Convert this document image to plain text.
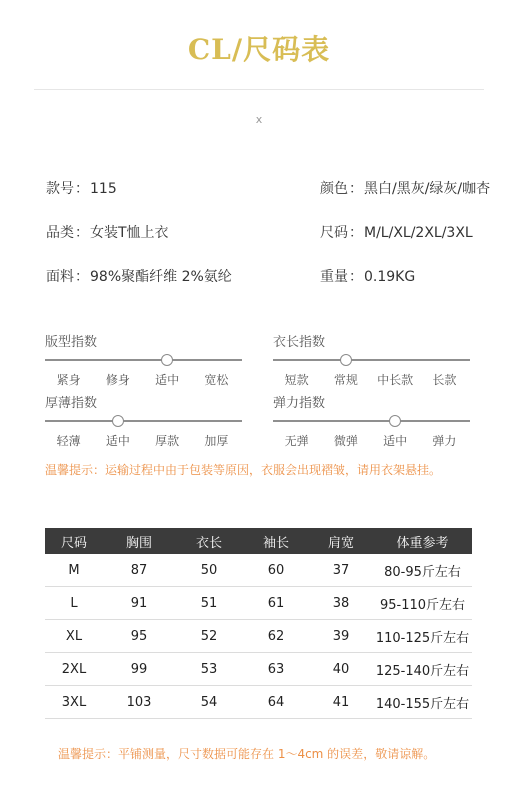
CL/尺码表
x
款号：115	颜色：黑白/黑灰/绿灰/咖杏
品类：女装T恤上衣	尺码：M/L/XL/2XL/3XL
面料：98%聚酯纤维 2%氨纶	重量：0.19KG
版型指数
紧身 修身 适中 宽松
衣长指数
短款 常规 中长款 长款
厚薄指数
轻薄 适中 厚款 加厚
弹力指数
无弹 微弹 适中 弹力
温馨提示：运输过程中由于包装等原因，衣服会出现褶皱，请用衣架悬挂。
尺码	胸围	衣长	袖长	肩宽	体重参考
M	87	50	60	37	80-95斤左右
L	91	51	61	38	95-110斤左右
XL	95	52	62	39	110-125斤左右
2XL	99	53	63	40	125-140斤左右
3XL	103	54	64	41	140-155斤左右
温馨提示：平铺测量，尺寸数据可能存在 1～4cm 的误差，敬请谅解。
